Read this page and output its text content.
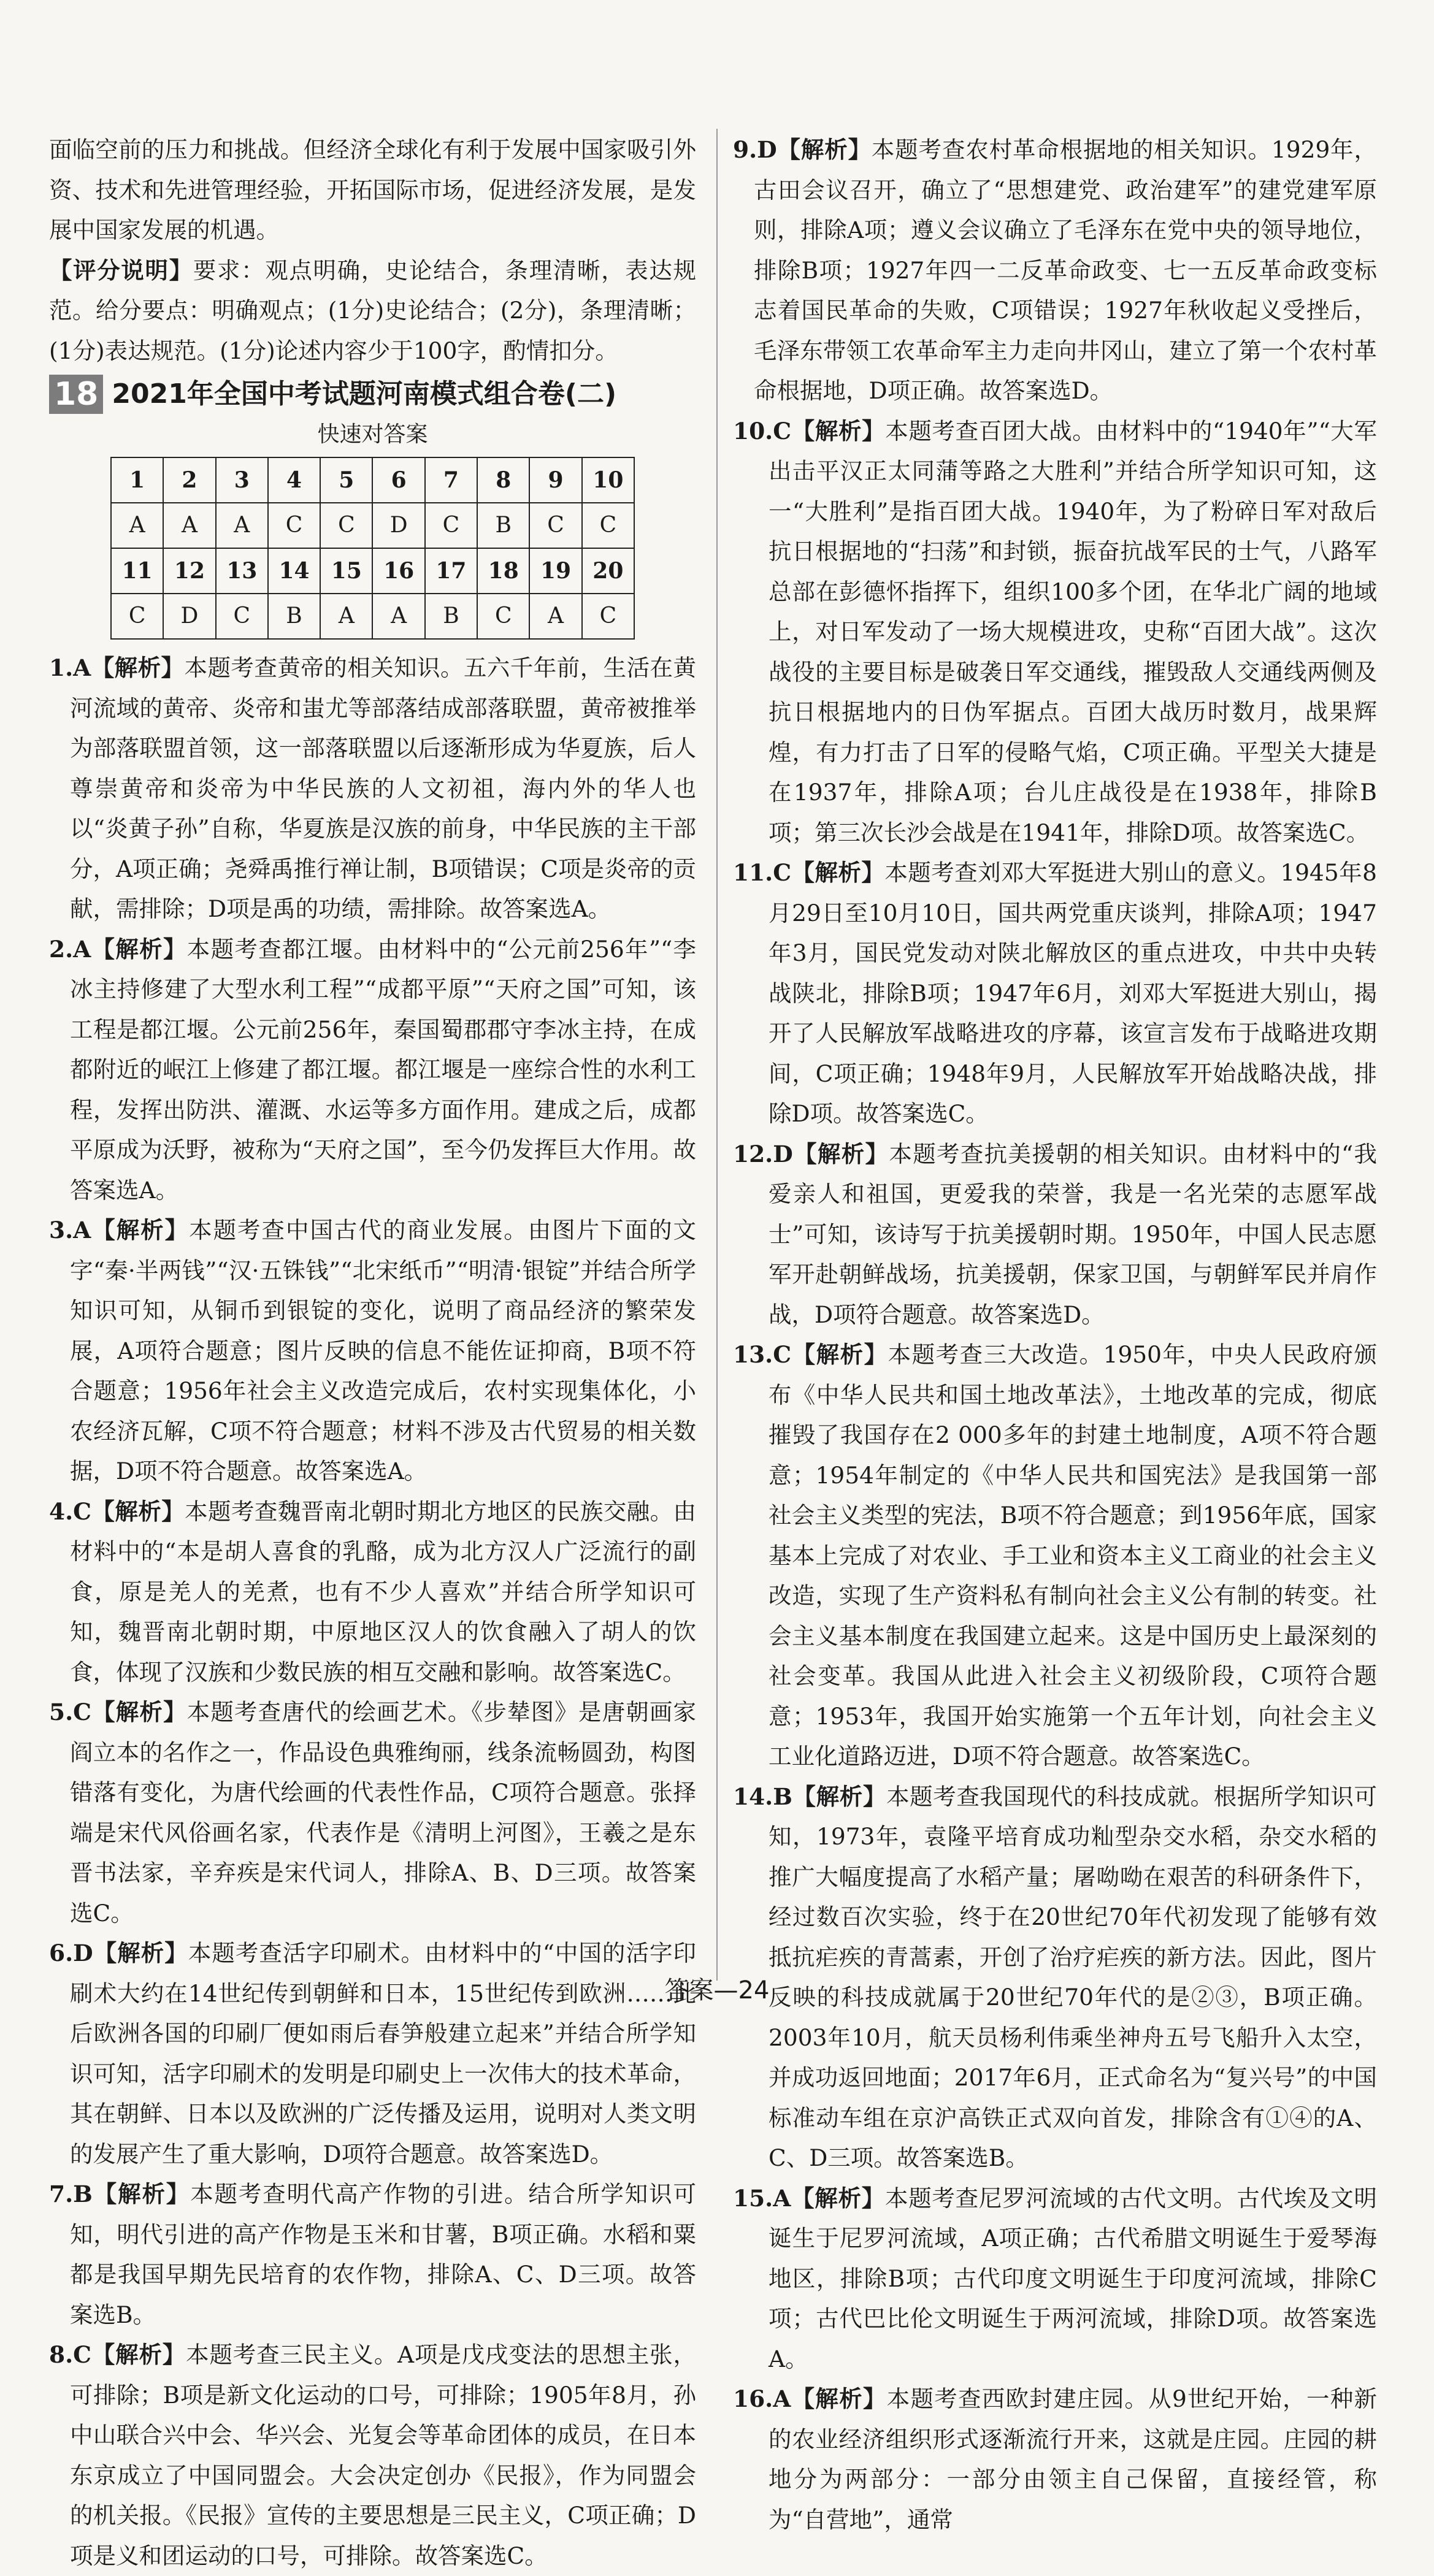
面临空前的压力和挑战。但经济全球化有利于发展中国家吸引外资、技术和先进管理经验，开拓国际市场，促进经济发展，是发展中国家发展的机遇。
【评分说明】要求：观点明确，史论结合，条理清晰，表达规范。给分要点：明确观点；(1分)史论结合；(2分)，条理清晰；(1分)表达规范。(1分)论述内容少于100字，酌情扣分。
18 2021年全国中考试题河南模式组合卷(二)
快速对答案
1	2	3	4	5	6	7	8	9	10
A	A	A	C	C	D	C	B	C	C
11	12	13	14	15	16	17	18	19	20
C	D	C	B	A	A	B	C	A	C
1.A【解析】本题考查黄帝的相关知识。五六千年前，生活在黄河流域的黄帝、炎帝和蚩尤等部落结成部落联盟，黄帝被推举为部落联盟首领，这一部落联盟以后逐渐形成为华夏族，后人尊崇黄帝和炎帝为中华民族的人文初祖，海内外的华人也以“炎黄子孙”自称，华夏族是汉族的前身，中华民族的主干部分，A项正确；尧舜禹推行禅让制，B项错误；C项是炎帝的贡献，需排除；D项是禹的功绩，需排除。故答案选A。
2.A【解析】本题考查都江堰。由材料中的“公元前256年”“李冰主持修建了大型水利工程”“成都平原”“天府之国”可知，该工程是都江堰。公元前256年，秦国蜀郡郡守李冰主持，在成都附近的岷江上修建了都江堰。都江堰是一座综合性的水利工程，发挥出防洪、灌溉、水运等多方面作用。建成之后，成都平原成为沃野，被称为“天府之国”，至今仍发挥巨大作用。故答案选A。
3.A【解析】本题考查中国古代的商业发展。由图片下面的文字“秦·半两钱”“汉·五铢钱”“北宋纸币”“明清·银锭”并结合所学知识可知，从铜币到银锭的变化，说明了商品经济的繁荣发展，A项符合题意；图片反映的信息不能佐证抑商，B项不符合题意；1956年社会主义改造完成后，农村实现集体化，小农经济瓦解，C项不符合题意；材料不涉及古代贸易的相关数据，D项不符合题意。故答案选A。
4.C【解析】本题考查魏晋南北朝时期北方地区的民族交融。由材料中的“本是胡人喜食的乳酪，成为北方汉人广泛流行的副食，原是羌人的羌煮，也有不少人喜欢”并结合所学知识可知，魏晋南北朝时期，中原地区汉人的饮食融入了胡人的饮食，体现了汉族和少数民族的相互交融和影响。故答案选C。
5.C【解析】本题考查唐代的绘画艺术。《步辇图》是唐朝画家阎立本的名作之一，作品设色典雅绚丽，线条流畅圆劲，构图错落有变化，为唐代绘画的代表性作品，C项符合题意。张择端是宋代风俗画名家，代表作是《清明上河图》，王羲之是东晋书法家，辛弃疾是宋代词人，排除A、B、D三项。故答案选C。
6.D【解析】本题考查活字印刷术。由材料中的“中国的活字印刷术大约在14世纪传到朝鲜和日本，15世纪传到欧洲……此后欧洲各国的印刷厂便如雨后春笋般建立起来”并结合所学知识可知，活字印刷术的发明是印刷史上一次伟大的技术革命，其在朝鲜、日本以及欧洲的广泛传播及运用，说明对人类文明的发展产生了重大影响，D项符合题意。故答案选D。
7.B【解析】本题考查明代高产作物的引进。结合所学知识可知，明代引进的高产作物是玉米和甘薯，B项正确。水稻和粟都是我国早期先民培育的农作物，排除A、C、D三项。故答案选B。
8.C【解析】本题考查三民主义。A项是戊戌变法的思想主张，可排除；B项是新文化运动的口号，可排除；1905年8月，孙中山联合兴中会、华兴会、光复会等革命团体的成员，在日本东京成立了中国同盟会。大会决定创办《民报》，作为同盟会的机关报。《民报》宣传的主要思想是三民主义，C项正确；D项是义和团运动的口号，可排除。故答案选C。
9.D【解析】本题考查农村革命根据地的相关知识。1929年，古田会议召开，确立了“思想建党、政治建军”的建党建军原则，排除A项；遵义会议确立了毛泽东在党中央的领导地位，排除B项；1927年四一二反革命政变、七一五反革命政变标志着国民革命的失败，C项错误；1927年秋收起义受挫后，毛泽东带领工农革命军主力走向井冈山，建立了第一个农村革命根据地，D项正确。故答案选D。
10.C【解析】本题考查百团大战。由材料中的“1940年”“大军出击平汉正太同蒲等路之大胜利”并结合所学知识可知，这一“大胜利”是指百团大战。1940年，为了粉碎日军对敌后抗日根据地的“扫荡”和封锁，振奋抗战军民的士气，八路军总部在彭德怀指挥下，组织100多个团，在华北广阔的地域上，对日军发动了一场大规模进攻，史称“百团大战”。这次战役的主要目标是破袭日军交通线，摧毁敌人交通线两侧及抗日根据地内的日伪军据点。百团大战历时数月，战果辉煌，有力打击了日军的侵略气焰，C项正确。平型关大捷是在1937年，排除A项；台儿庄战役是在1938年，排除B项；第三次长沙会战是在1941年，排除D项。故答案选C。
11.C【解析】本题考查刘邓大军挺进大别山的意义。1945年8月29日至10月10日，国共两党重庆谈判，排除A项；1947年3月，国民党发动对陕北解放区的重点进攻，中共中央转战陕北，排除B项；1947年6月，刘邓大军挺进大别山，揭开了人民解放军战略进攻的序幕，该宣言发布于战略进攻期间，C项正确；1948年9月，人民解放军开始战略决战，排除D项。故答案选C。
12.D【解析】本题考查抗美援朝的相关知识。由材料中的“我爱亲人和祖国，更爱我的荣誉，我是一名光荣的志愿军战士”可知，该诗写于抗美援朝时期。1950年，中国人民志愿军开赴朝鲜战场，抗美援朝，保家卫国，与朝鲜军民并肩作战，D项符合题意。故答案选D。
13.C【解析】本题考查三大改造。1950年，中央人民政府颁布《中华人民共和国土地改革法》，土地改革的完成，彻底摧毁了我国存在2 000多年的封建土地制度，A项不符合题意；1954年制定的《中华人民共和国宪法》是我国第一部社会主义类型的宪法，B项不符合题意；到1956年底，国家基本上完成了对农业、手工业和资本主义工商业的社会主义改造，实现了生产资料私有制向社会主义公有制的转变。社会主义基本制度在我国建立起来。这是中国历史上最深刻的社会变革。我国从此进入社会主义初级阶段，C项符合题意；1953年，我国开始实施第一个五年计划，向社会主义工业化道路迈进，D项不符合题意。故答案选C。
14.B【解析】本题考查我国现代的科技成就。根据所学知识可知，1973年，袁隆平培育成功籼型杂交水稻，杂交水稻的推广大幅度提高了水稻产量；屠呦呦在艰苦的科研条件下，经过数百次实验，终于在20世纪70年代初发现了能够有效抵抗疟疾的青蒿素，开创了治疗疟疾的新方法。因此，图片反映的科技成就属于20世纪70年代的是②③，B项正确。2003年10月，航天员杨利伟乘坐神舟五号飞船升入太空，并成功返回地面；2017年6月，正式命名为“复兴号”的中国标准动车组在京沪高铁正式双向首发，排除含有①④的A、C、D三项。故答案选B。
15.A【解析】本题考查尼罗河流域的古代文明。古代埃及文明诞生于尼罗河流域，A项正确；古代希腊文明诞生于爱琴海地区，排除B项；古代印度文明诞生于印度河流域，排除C项；古代巴比伦文明诞生于两河流域，排除D项。故答案选A。
16.A【解析】本题考查西欧封建庄园。从9世纪开始，一种新的农业经济组织形式逐渐流行开来，这就是庄园。庄园的耕地分为两部分：一部分由领主自己保留，直接经管，称为“自营地”，通常
答案—24
